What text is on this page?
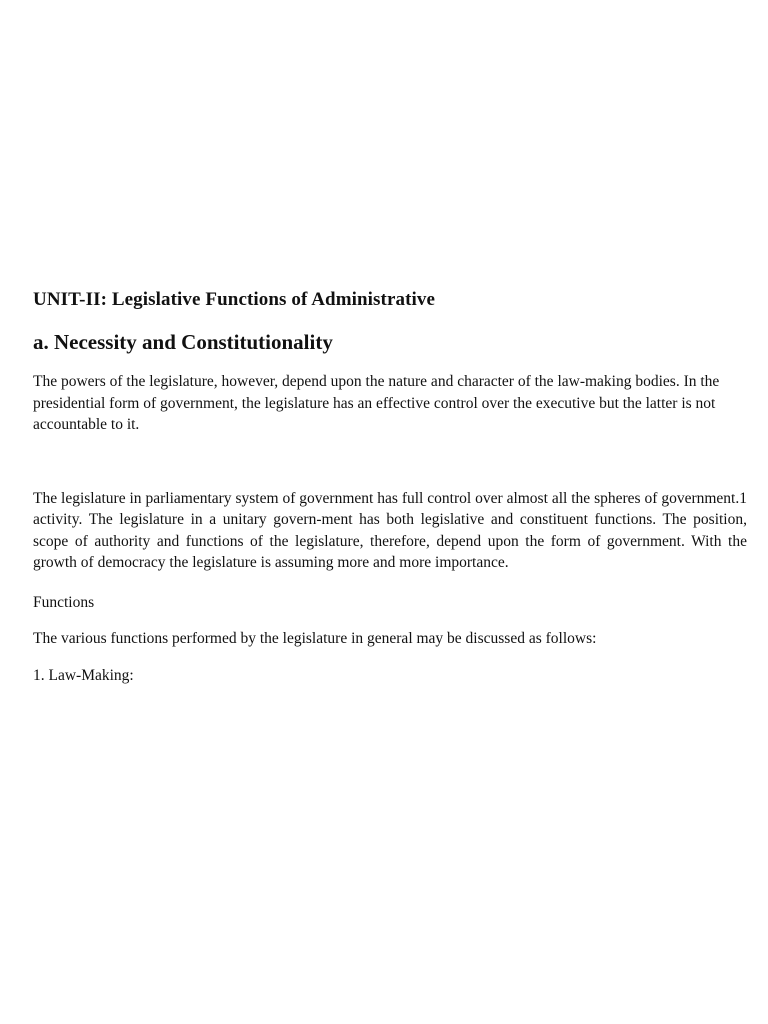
UNIT-II: Legislative Functions of Administrative
a. Necessity and Constitutionality

The powers of the legislature, however, depend upon the nature and character of the law-making bodies. In the presidential form of government, the legislature has an effective control over the executive but the latter is not accountable to it.

The legislature in parliamentary system of government has full control over almost all the spheres of government.1 activity. The legislature in a unitary govern-ment has both legislative and constituent functions. The position, scope of authority and functions of the legislature, therefore, depend upon the form of government. With the growth of democracy the legislature is assuming more and more importance.

Functions

The various functions performed by the legislature in general may be discussed as follows:

1. Law-Making:
